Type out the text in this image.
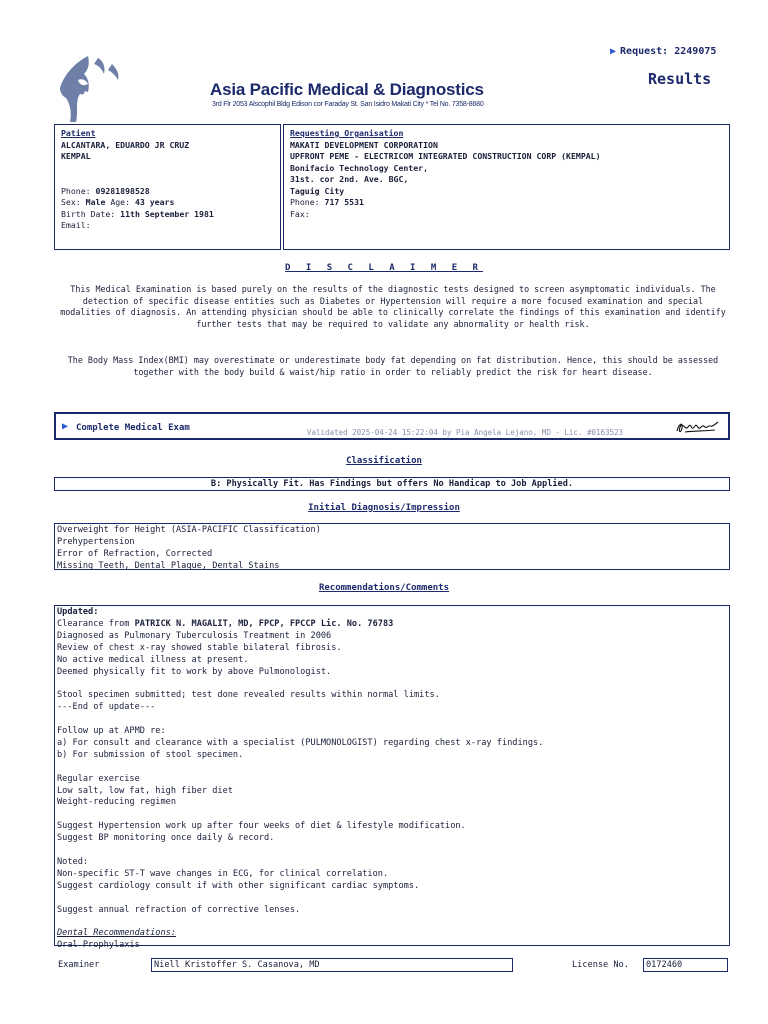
▶ Request: 2249075
Results
Asia Pacific Medical & Diagnostics
3rd Flr 2053 Alscophil Bldg Edison cor Faraday St. San Isidro Makati City * Tel No. 7358-8680
Patient
ALCANTARA, EDUARDO JR CRUZ
KEMPAL

Phone: 09281898528
Sex: Male Age: 43 years
Birth Date: 11th September 1981
Email:
Requesting Organisation
MAKATI DEVELOPMENT CORPORATION
UPFRONT PEME - ELECTRICOM INTEGRATED CONSTRUCTION CORP (KEMPAL)
Bonifacio Technology Center,
31st. cor 2nd. Ave. BGC,
Taguig City
Phone: 717 5531
Fax:
D I S C L A I M E R
This Medical Examination is based purely on the results of the diagnostic tests designed to screen asymptomatic individuals. The detection of specific disease entities such as Diabetes or Hypertension will require a more focused examination and special modalities of diagnosis. An attending physician should be able to clinically correlate the findings of this examination and identify further tests that may be required to validate any abnormality or health risk.
The Body Mass Index(BMI) may overestimate or underestimate body fat depending on fat distribution. Hence, this should be assessed together with the body build & waist/hip ratio in order to reliably predict the risk for heart disease.
▶ Complete Medical Exam	Validated 2025-04-24 15:22:04 by Pia Angela Lejano, MD - Lic. #0163523
Classification
B: Physically Fit. Has Findings but offers No Handicap to Job Applied.
Initial Diagnosis/Impression
Overweight for Height (ASIA-PACIFIC Classification)
Prehypertension
Error of Refraction, Corrected
Missing Teeth, Dental Plaque, Dental Stains
Recommendations/Comments
Updated:
Clearance from PATRICK N. MAGALIT, MD, FPCP, FPCCP Lic. No. 76783
Diagnosed as Pulmonary Tuberculosis Treatment in 2006
Review of chest x-ray showed stable bilateral fibrosis.
No active medical illness at present.
Deemed physically fit to work by above Pulmonologist.
Stool specimen submitted; test done revealed results within normal limits.
---End of update---
Follow up at APMD re:
a) For consult and clearance with a specialist (PULMONOLOGIST) regarding chest x-ray findings.
b) For submission of stool specimen.
Regular exercise
Low salt, low fat, high fiber diet
Weight-reducing regimen
Suggest Hypertension work up after four weeks of diet & lifestyle modification.
Suggest BP monitoring once daily & record.
Noted:
Non-specific ST-T wave changes in ECG, for clinical correlation.
Suggest cardiology consult if with other significant cardiac symptoms.
Suggest annual refraction of corrective lenses.
Dental Recommendations:
Oral Prophylaxis
Examiner	Niell Kristoffer S. Casanova, MD	License No.	0172460
